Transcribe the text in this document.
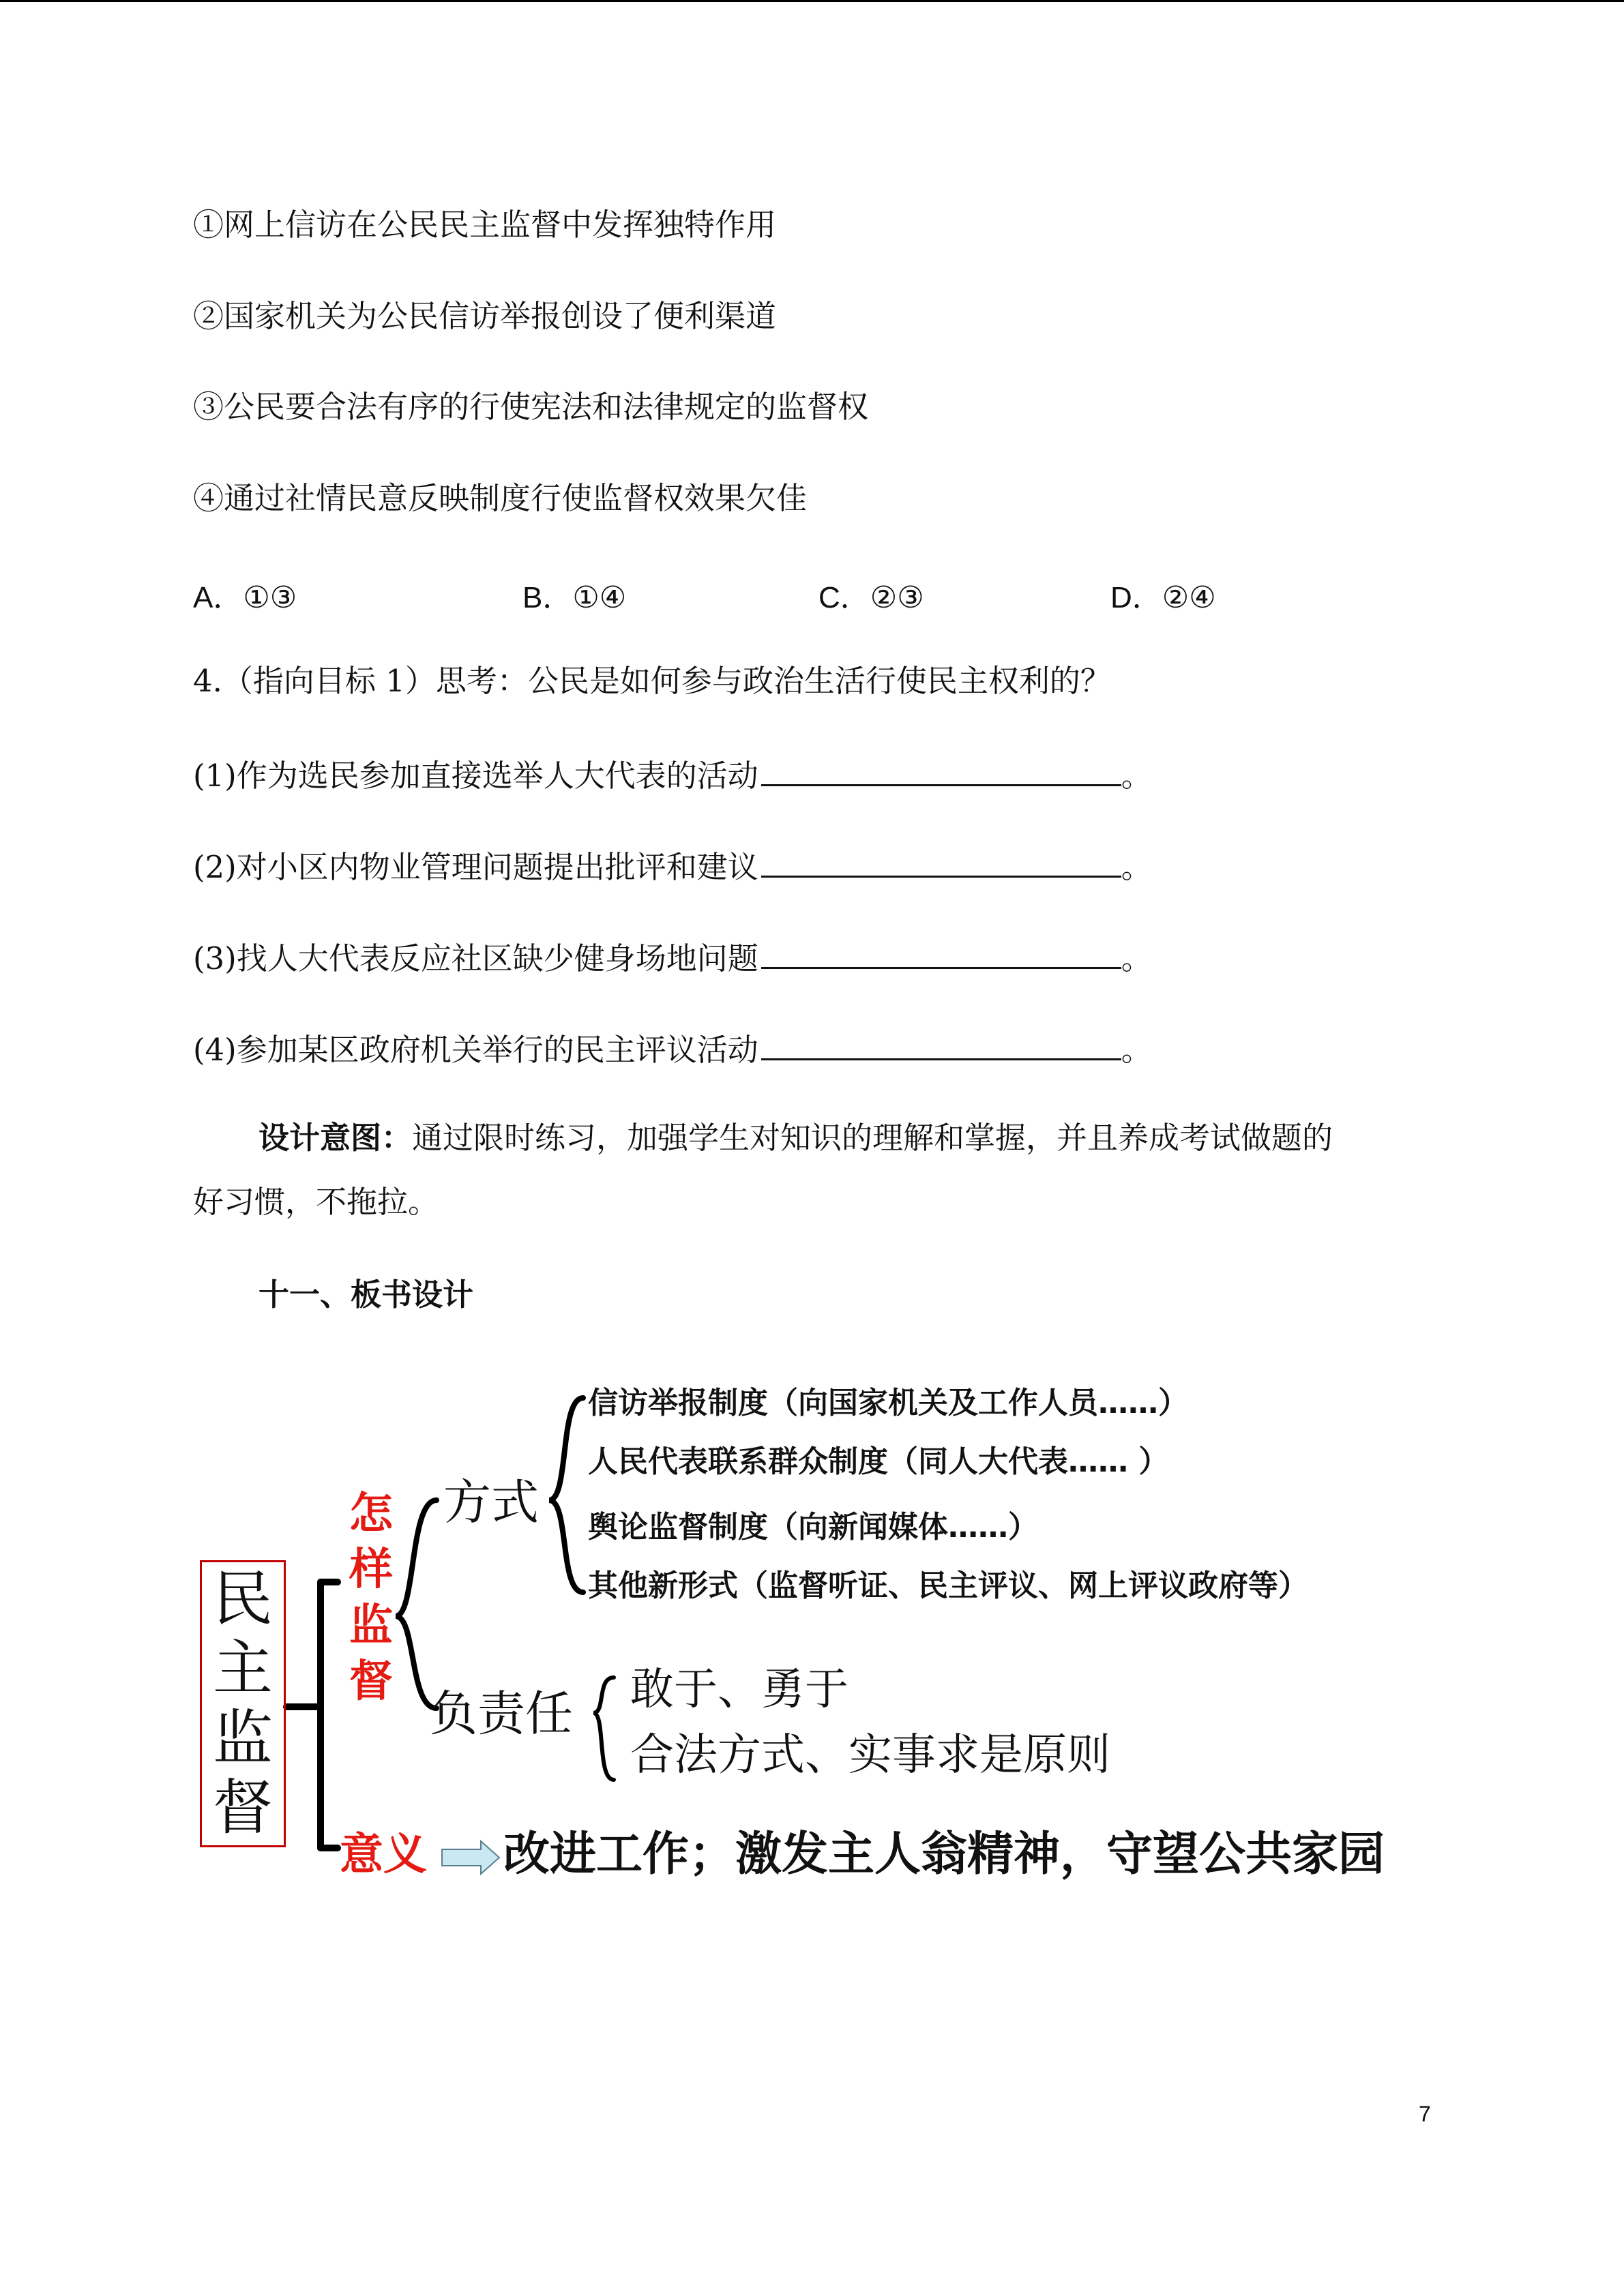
①网上信访在公民民主监督中发挥独特作用
②国家机关为公民信访举报创设了便利渠道
③公民要合法有序的行使宪法和法律规定的监督权
④通过社情民意反映制度行使监督权效果欠佳
A．①③	B．①④	C．②③	D．②④
4.（指向目标 1）思考：公民是如何参与政治生活行使民主权利的？
(1)作为选民参加直接选举人大代表的活动	。
(2)对小区内物业管理问题提出批评和建议	。
(3)找人大代表反应社区缺少健身场地问题	。
(4)参加某区政府机关举行的民主评议活动	。
设计意图：通过限时练习，加强学生对知识的理解和掌握，并且养成考试做题的
好习惯，不拖拉。
十一、板书设计
民
主
监
督
怎
样
监
督
方式
信访举报制度（向国家机关及工作人员……）
人民代表联系群众制度（同人大代表…… ）
舆论监督制度（向新闻媒体……）
其他新形式（监督听证、民主评议、网上评议政府等）
负责任 敢于、勇于
合法方式、实事求是原则
意义 改进工作；激发主人翁精神，守望公共家园
7
